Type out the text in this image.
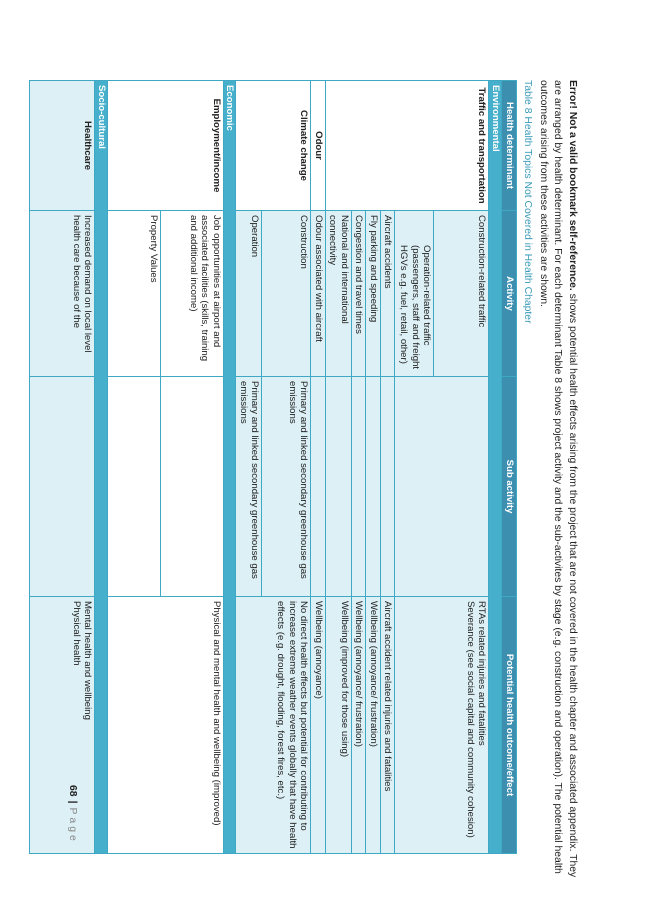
Error! Not a valid bookmark self-reference. shows potential health effects arising from the project that are not covered in the health chapter and associated appendix. They are arranged by health determinant. For each determinant Table 8 shows project activity and the sub-activites by stage (e.g. construction and operation). The potential health outcomes arising from these activities are shown.
Table 8 Health Topics Not Covered in Health Chapter
Health determinant	Activity	Sub activity	Potential health outcome/effect
Environmental			
Traffic and transportation	Construction-related traffic		RTAs related injuries and fatalities
Severance (see social capital and community cohesion)
	Operation-related traffic (passengers, staff and freight HGVs e.g. fuel, retail, other)		
	Aircraft accidents		Aircraft accident related injuries and fatalities
	Fly parking and speeding		Wellbeing (annoyance/ frustration)
	Congestion and travel times		Wellbeing (annoyance/ frustration)
	National and international connectivity		Wellbeing (improved for those using)
Odour	Odour associated with aircraft		Wellbeing (annoyance)
Climate change	Construction	Primary and linked secondary greenhouse gas emissions	No direct health effects but potential for contributing to increase extreme weather events globally that have health effects (e.g. drought, flooding, forest fires, etc.)
	Operation	Primary and linked secondary greenhouse gas emissions	
Economic			
Employment/income	Job opportunities at airport and associated facilities (skills, training and additional income)		Physical and mental health and wellbeing (improved)
	Property Values		
Socio-cultural			
Healthcare	Increased demand on local level health care because of the		Mental health and wellbeing
Physical health
68|Page
